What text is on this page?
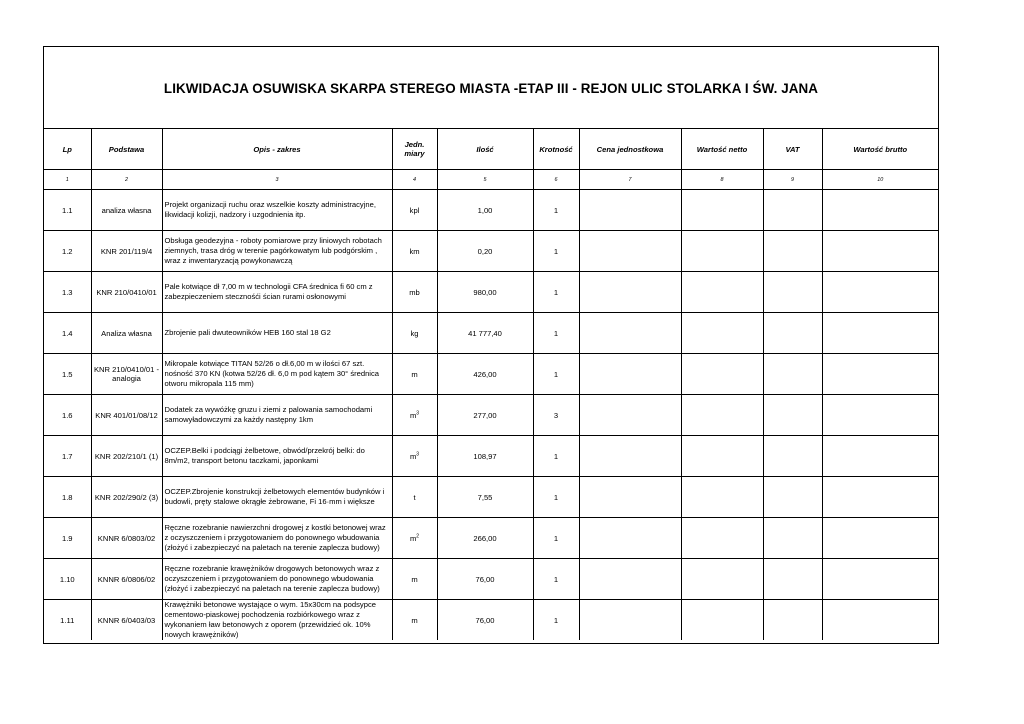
LIKWIDACJA OSUWISKA SKARPA STEREGO MIASTA -ETAP III - REJON ULIC STOLARKA I ŚW. JANA
Lp	Podstawa	Opis - zakres	Jedn.
miary	Ilość	Krotność	Cena jednostkowa	Wartość netto	VAT	Wartość brutto
1	2	3	4	5	6	7	8	9	10
1.1	analiza własna	Projekt organizacji ruchu oraz wszelkie koszty administracyjne,
likwidacji kolizji, nadzory i uzgodnienia itp.	kpl	1,00	1				
1.2	KNR 201/119/4	Obsługa geodezyjna - roboty pomiarowe przy liniowych robotach
ziemnych, trasa dróg w terenie pagórkowatym lub podgórskim ,
wraz z inwentaryzacją powykonawczą	km	0,20	1				
1.3	KNR 210/0410/01	Pale kotwiące dł 7,00 m w technologii CFA średnica fi 60 cm z
zabezpieczeniem stecznośći ścian rurami osłonowymi	mb	980,00	1				
1.4	Analiza własna	Zbrojenie pali dwuteowników HEB 160 stal 18 G2	kg	41 777,40	1				
1.5	KNR 210/0410/01 - analogia	Mikropale kotwiące TITAN 52/26 o dł.6,00 m w ilości 67 szt.
nośność 370 KN (kotwa 52/26 dł. 6,0 m pod kątem 30° średnica
otworu mikropala 115 mm)	m	426,00	1				
1.6	KNR 401/01/08/12	Dodatek za wywóżkę gruzu i ziemi z palowania samochodami
samowyładowczymi za każdy następny 1km	$m^3$	277,00	3				
1.7	KNR 202/210/1 (1)	OCZEP.Belki i podciągi żelbetowe, obwód/przekrój belki: do
8m/m2, transport betonu taczkami, japonkami	$m^3$	108,97	1				
1.8	KNR 202/290/2 (3)	OCZEP.Zbrojenie konstrukcji żelbetowych elementów budynków i
budowli, pręty stalowe okrągłe żebrowane, Fi 16·mm i większe	t	7,55	1				
1.9	KNNR 6/0803/02	Ręczne rozebranie nawierzchni drogowej z kostki betonowej wraz
z oczyszczeniem i przygotowaniem do ponownego wbudowania
(złożyć i zabezpieczyć na paletach na terenie zaplecza budowy)	$m^2$	266,00	1				
1.10	KNNR 6/0806/02	Ręczne rozebranie krawężników drogowych betonowych wraz z
oczyszczeniem i przygotowaniem do ponownego wbudowania
(złożyć i zabezpieczyć na paletach na terenie zaplecza budowy)	m	76,00	1				
1.11	KNNR 6/0403/03	Krawężniki betonowe wystające o wym. 15x30cm na podsypce
cementowo-piaskowej pochodzenia rozbiórkowego wraz z
wykonaniem ław betonowych z oporem (przewidzieć ok. 10%
nowych krawężników)	m	76,00	1				
